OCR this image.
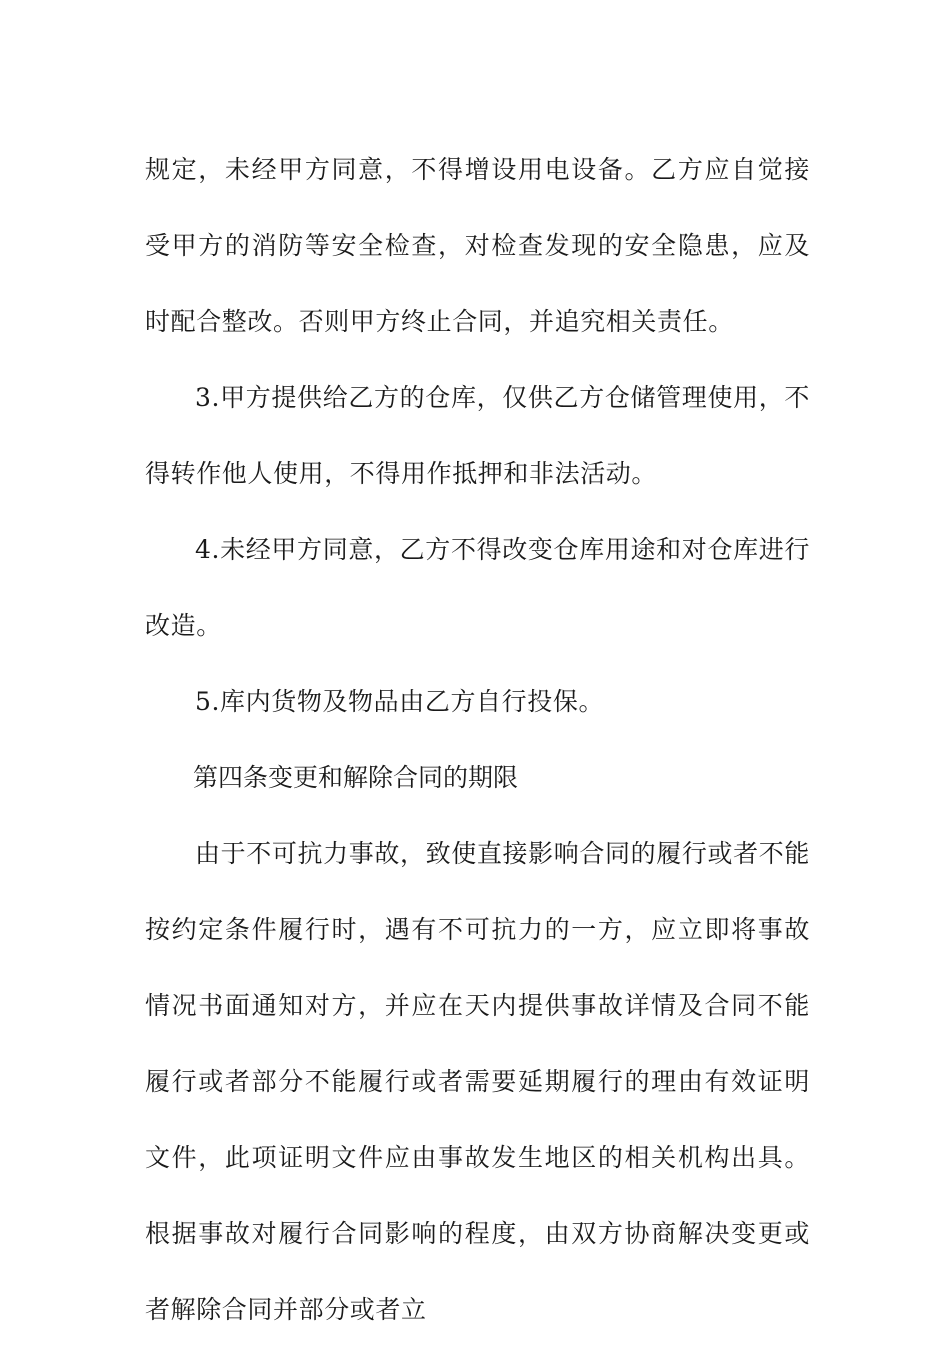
规定，未经甲方同意，不得增设用电设备。乙方应自觉接受甲方的消防等安全检查，对检查发现的安全隐患，应及时配合整改。否则甲方终止合同，并追究相关责任。

3.甲方提供给乙方的仓库，仅供乙方仓储管理使用，不得转作他人使用，不得用作抵押和非法活动。

4.未经甲方同意，乙方不得改变仓库用途和对仓库进行改造。

5.库内货物及物品由乙方自行投保。

第四条变更和解除合同的期限

由于不可抗力事故，致使直接影响合同的履行或者不能按约定条件履行时，遇有不可抗力的一方，应立即将事故情况书面通知对方，并应在天内提供事故详情及合同不能履行或者部分不能履行或者需要延期履行的理由有效证明文件，此项证明文件应由事故发生地区的相关机构出具。根据事故对履行合同影响的程度，由双方协商解决变更或者解除合同并部分或者立
